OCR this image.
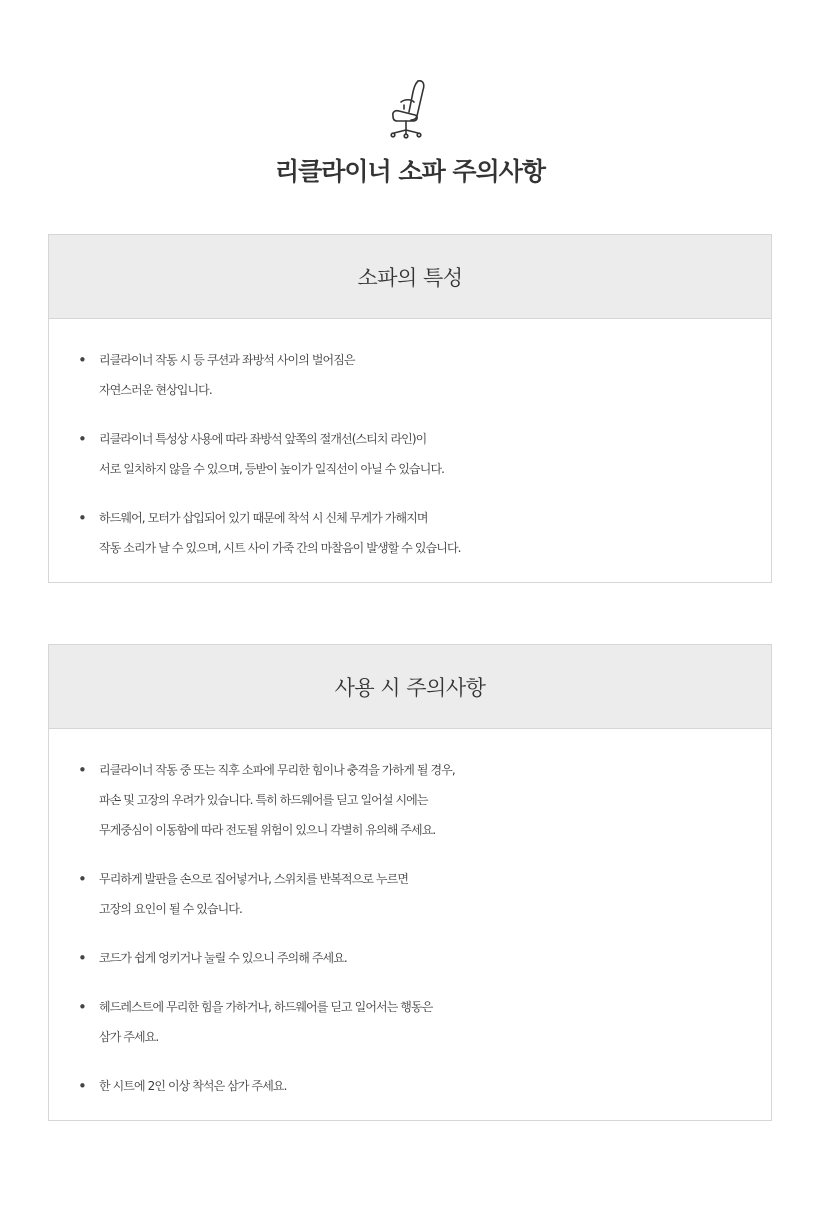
리클라이너 소파 주의사항
소파의 특성
• 리클라이너 작동 시 등 쿠션과 좌방석 사이의 벌어짐은
자연스러운 현상입니다.
• 리클라이너 특성상 사용에 따라 좌방석 앞쪽의 절개선(스티치 라인)이
서로 일치하지 않을 수 있으며, 등받이 높이가 일직선이 아닐 수 있습니다.
• 하드웨어, 모터가 삽입되어 있기 때문에 착석 시 신체 무게가 가해지며
작동 소리가 날 수 있으며, 시트 사이 가죽 간의 마찰음이 발생할 수 있습니다.
사용 시 주의사항
• 리클라이너 작동 중 또는 직후 소파에 무리한 힘이나 충격을 가하게 될 경우,
파손 및 고장의 우려가 있습니다. 특히 하드웨어를 딛고 일어설 시에는
무게중심이 이동함에 따라 전도될 위험이 있으니 각별히 유의해 주세요.
• 무리하게 발판을 손으로 집어넣거나, 스위치를 반복적으로 누르면
고장의 요인이 될 수 있습니다.
• 코드가 쉽게 엉키거나 눌릴 수 있으니 주의해 주세요.
• 헤드레스트에 무리한 힘을 가하거나, 하드웨어를 딛고 일어서는 행동은
삼가 주세요.
• 한 시트에 2인 이상 착석은 삼가 주세요.
